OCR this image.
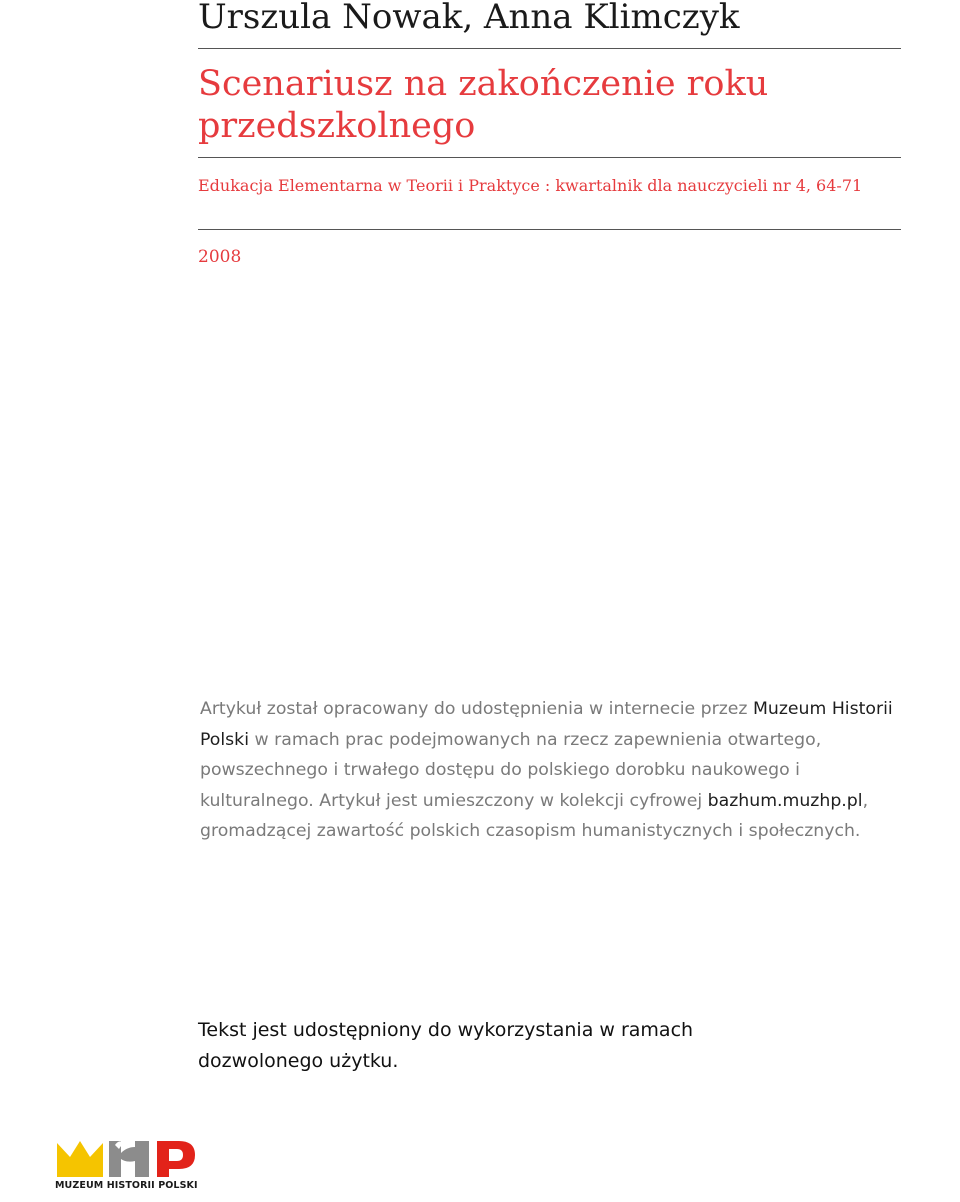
Urszula Nowak, Anna Klimczyk
Scenariusz na zakończenie roku przedszkolnego
Edukacja Elementarna w Teorii i Praktyce : kwartalnik dla nauczycieli nr 4, 64-71
2008
Artykuł został opracowany do udostępnienia w internecie przez Muzeum Historii Polski w ramach prac podejmowanych na rzecz zapewnienia otwartego, powszechnego i trwałego dostępu do polskiego dorobku naukowego i kulturalnego. Artykuł jest umieszczony w kolekcji cyfrowej bazhum.muzhp.pl, gromadzącej zawartość polskich czasopism humanistycznych i społecznych.
Tekst jest udostępniony do wykorzystania w ramach dozwolonego użytku.
MUZEUM HISTORII POLSKI
